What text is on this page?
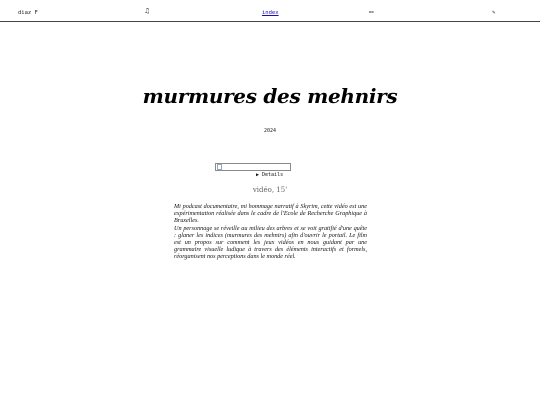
diaz F	♫	index	⚯	✎
murmures des mehnirs
2024
▶ Details
vidéo, 15'

Mi podcast documentaire, mi hommage narratif à Skyrim, cette vidéo est une expérimentation réalisée dans le cadre de l'Ecole de Recherche Graphique à Bruxelles.

Un personnage se réveille au milieu des arbres et se voit gratifié d'une quête : glaner les indices (murmures des mehnirs) afin d'ouvrir le portail. Le film est un propos sur comment les jeux vidéos en nous guidant par une grammaire visuelle ludique à travers des éléments interactifs et formels, réorganisent nos perceptions dans le monde réel.
